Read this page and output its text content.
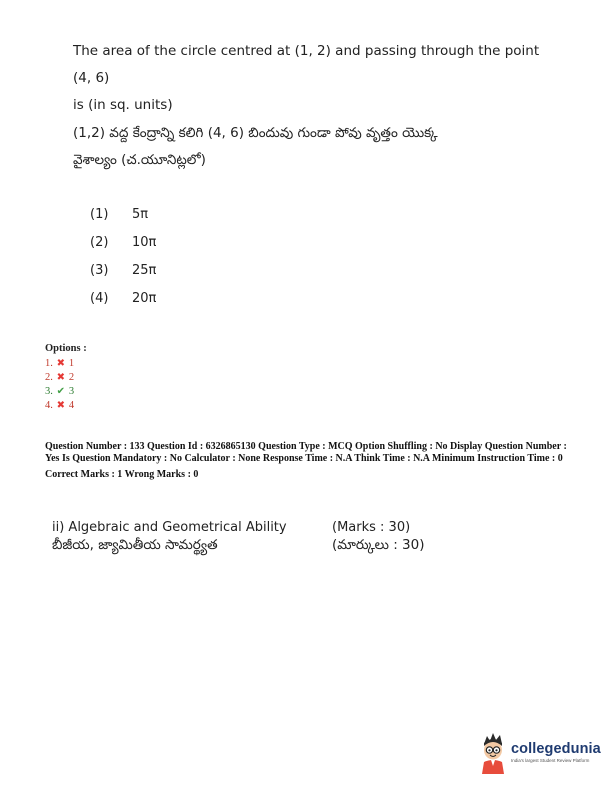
The area of the circle centred at (1, 2) and passing through the point (4, 6)
is (in sq. units)
(1,2) వద్ద కేంద్రాన్ని కలిగి (4, 6) బిందువు గుండా పోవు వృత్తం యొక్క
వైశాల్యం (చ.యూనిట్లలో)
(1)	5π
(2)	10π
(3)	25π
(4)	20π
Options :
1. ✖ 1
2. ✖ 2
3. ✔ 3
4. ✖ 4
Question Number : 133 Question Id : 6326865130 Question Type : MCQ Option Shuffling : No Display Question Number : Yes Is Question Mandatory : No Calculator : None Response Time : N.A Think Time : N.A Minimum Instruction Time : 0
Correct Marks : 1 Wrong Marks : 0
ii) Algebraic and Geometrical Ability	(Marks : 30)
బీజీయ, జ్యామితీయ సామర్థ్యత	(మార్కులు : 30)
collegedunia
India's largest Student Review Platform
